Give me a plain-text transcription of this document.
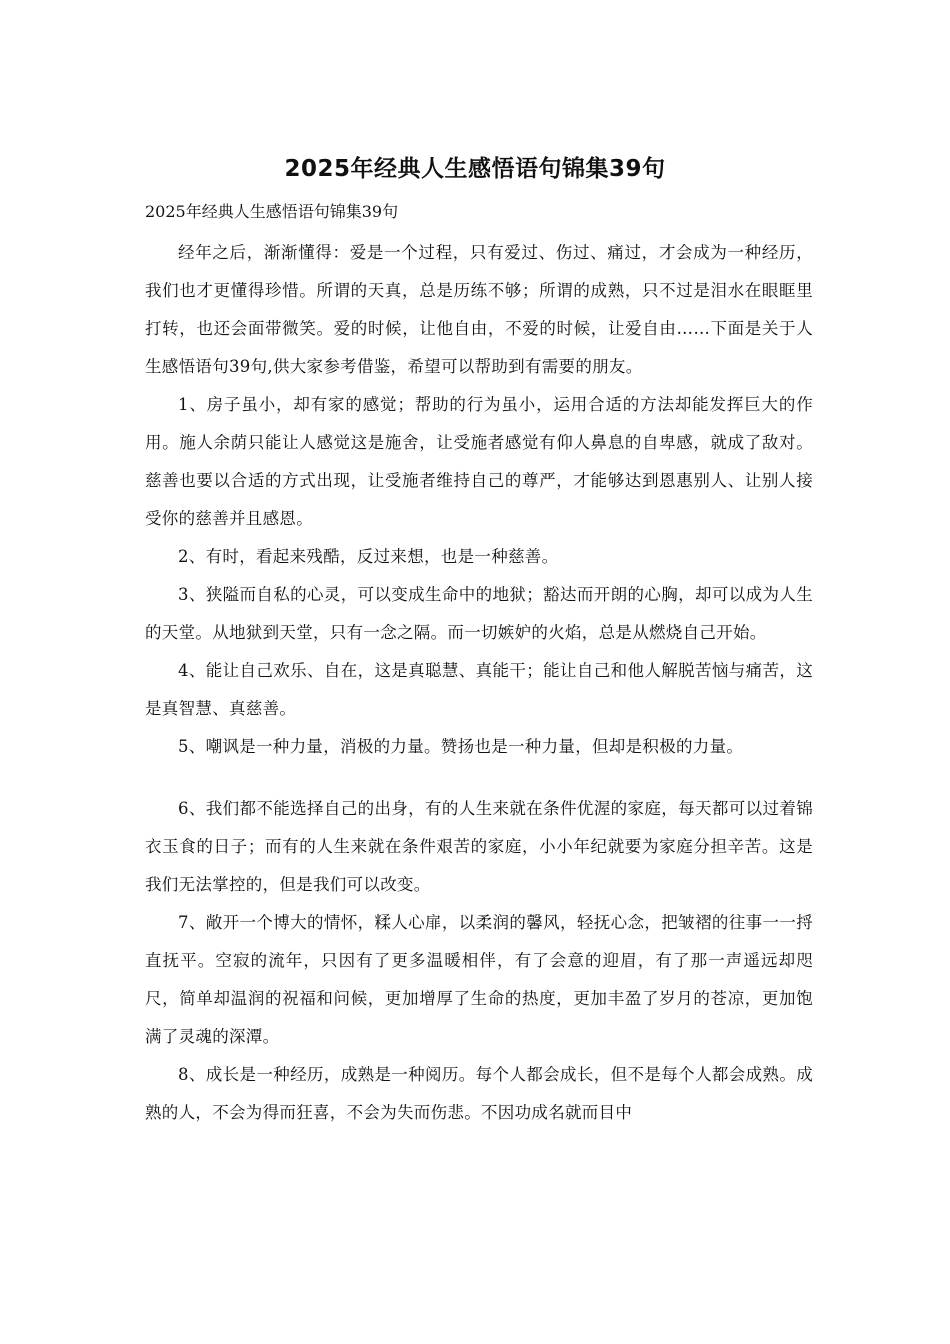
2025年经典人生感悟语句锦集39句
2025年经典人生感悟语句锦集39句

经年之后，渐渐懂得：爱是一个过程，只有爱过、伤过、痛过，才会成为一种经历，我们也才更懂得珍惜。所谓的天真，总是历练不够；所谓的成熟，只不过是泪水在眼眶里打转，也还会面带微笑。爱的时候，让他自由，不爱的时候，让爱自由……下面是关于人生感悟语句39句,供大家参考借鉴，希望可以帮助到有需要的朋友。

1、房子虽小，却有家的感觉；帮助的行为虽小，运用合适的方法却能发挥巨大的作用。施人余荫只能让人感觉这是施舍，让受施者感觉有仰人鼻息的自卑感，就成了敌对。慈善也要以合适的方式出现，让受施者维持自己的尊严，才能够达到恩惠别人、让别人接受你的慈善并且感恩。

2、有时，看起来残酷，反过来想，也是一种慈善。

3、狭隘而自私的心灵，可以变成生命中的地狱；豁达而开朗的心胸，却可以成为人生的天堂。从地狱到天堂，只有一念之隔。而一切嫉妒的火焰，总是从燃烧自己开始。

4、能让自己欢乐、自在，这是真聪慧、真能干；能让自己和他人解脱苦恼与痛苦，这是真智慧、真慈善。

5、嘲讽是一种力量，消极的力量。赞扬也是一种力量，但却是积极的力量。

6、我们都不能选择自己的出身，有的人生来就在条件优渥的家庭，每天都可以过着锦衣玉食的日子；而有的人生来就在条件艰苦的家庭，小小年纪就要为家庭分担辛苦。这是我们无法掌控的，但是我们可以改变。

7、敞开一个博大的情怀，糅人心扉，以柔润的馨风，轻抚心念，把皱褶的往事一一捋直抚平。空寂的流年，只因有了更多温暖相伴，有了会意的迎眉，有了那一声遥远却咫尺，简单却温润的祝福和问候，更加增厚了生命的热度，更加丰盈了岁月的苍凉，更加饱满了灵魂的深潭。

8、成长是一种经历，成熟是一种阅历。每个人都会成长，但不是每个人都会成熟。成熟的人，不会为得而狂喜，不会为失而伤悲。不因功成名就而目中
